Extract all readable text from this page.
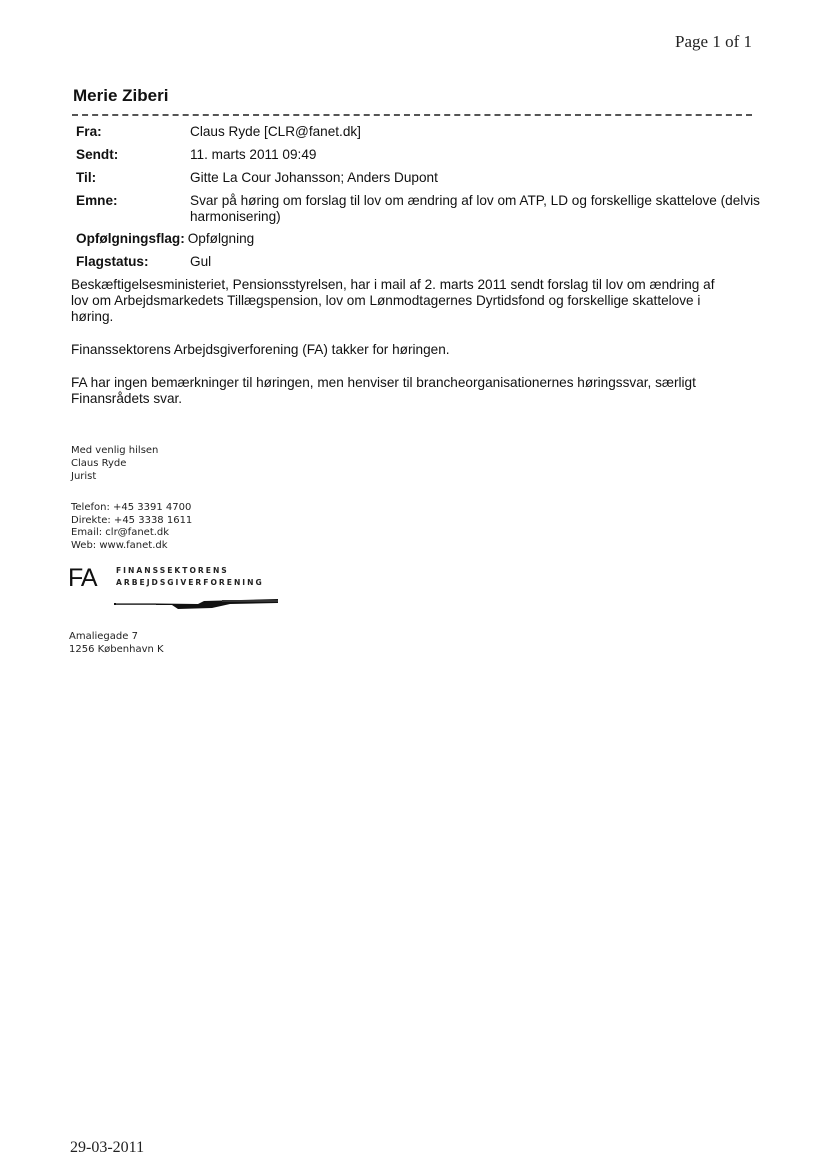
Page 1 of 1
Merie Ziberi
Fra:	Claus Ryde [CLR@fanet.dk]
Sendt:	11. marts 2011 09:49
Til:	Gitte La Cour Johansson; Anders Dupont
Emne:	Svar på høring om forslag til lov om ændring af lov om ATP, LD og forskellige skattelove (delvis harmonisering)
Opfølgningsflag: Opfølgning
Flagstatus:	Gul

Beskæftigelsesministeriet, Pensionsstyrelsen, har i mail af 2. marts 2011 sendt forslag til lov om ændring af lov om Arbejdsmarkedets Tillægspension, lov om Lønmodtagernes Dyrtidsfond og forskellige skattelove i høring.

Finanssektorens Arbejdsgiverforening (FA) takker for høringen.

FA har ingen bemærkninger til høringen, men henviser til brancheorganisationernes høringssvar, særligt Finansrådets svar.

Med venlig hilsen
Claus Ryde
Jurist
Telefon: +45 3391 4700
Direkte: +45 3338 1611
Email: clr@fanet.dk
Web: www.fanet.dk
FA	FINANSSEKTORENS
ARBEJDSGIVERFORENING
Amaliegade 7
1256 København K
29-03-2011
